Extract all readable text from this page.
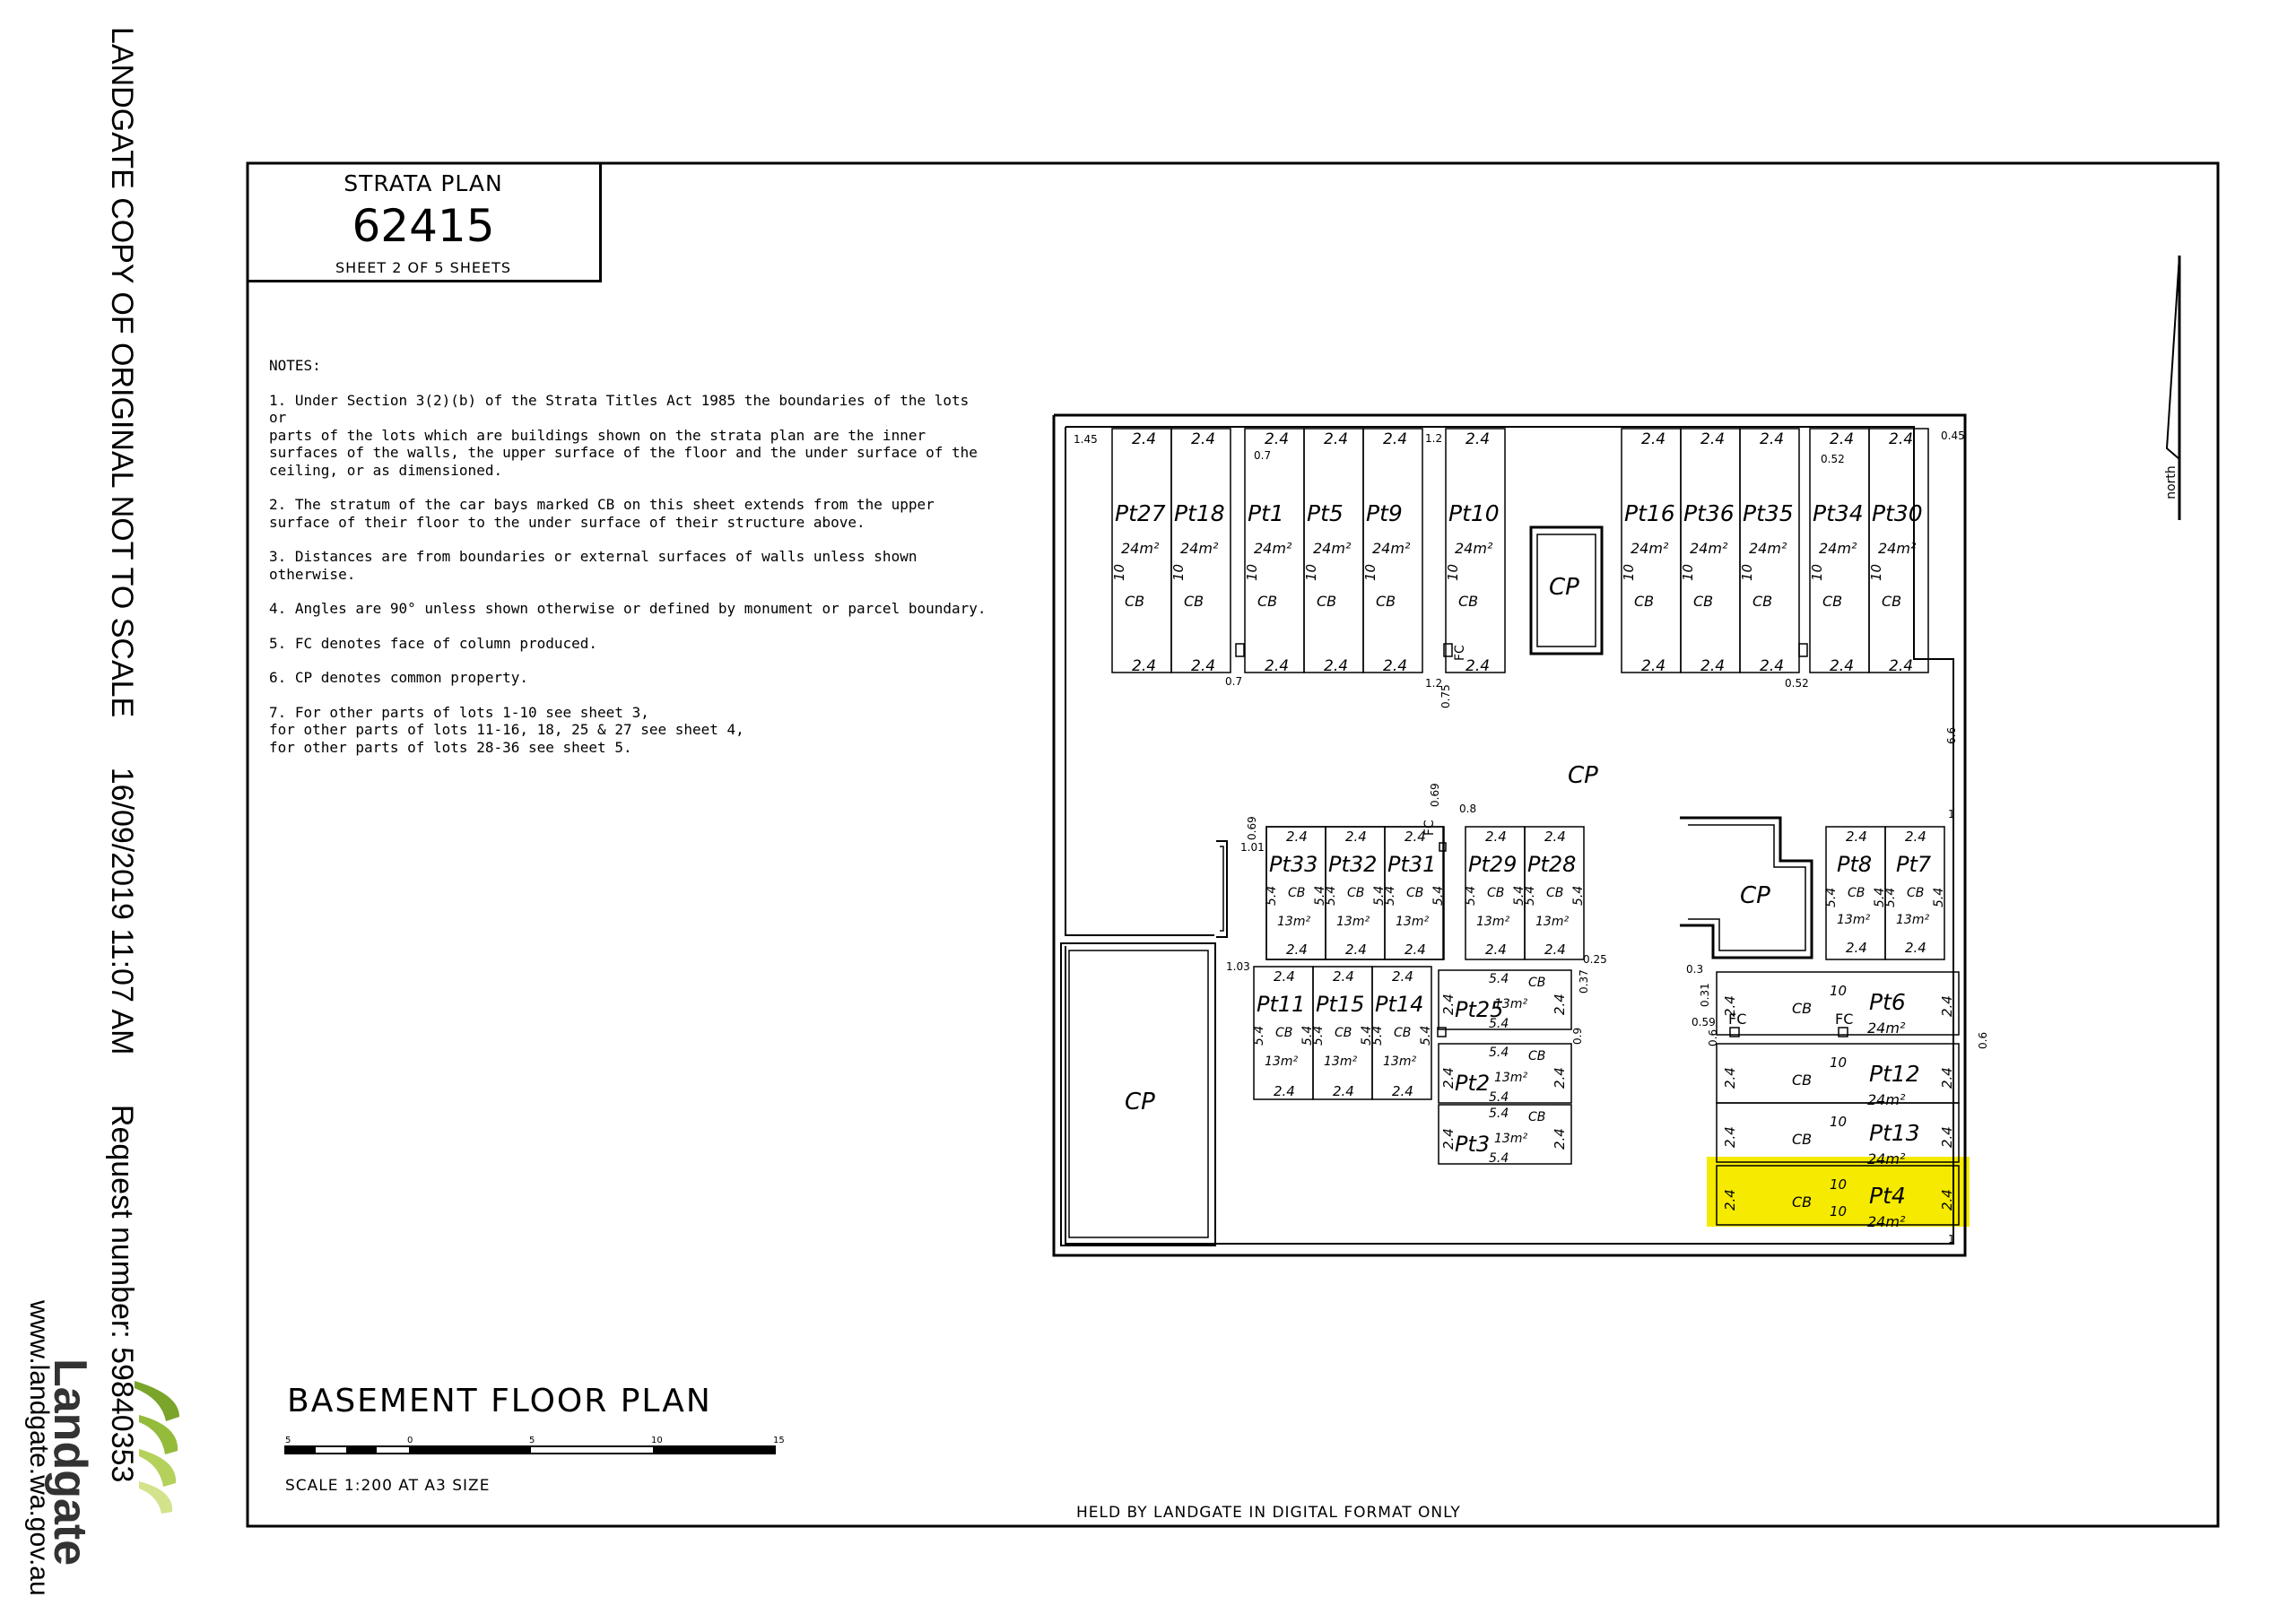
LANDGATE COPY OF ORIGINAL NOT TO SCALE 16/09/2019 11:07 AM Request number: 59840353
www.landgate.wa.gov.au
Landgate
north
STRATA PLAN
62415
SHEET 2 OF 5 SHEETS
NOTES:
1. Under Section 3(2)(b) of the Strata Titles Act 1985 the boundaries of the lots or
parts of the lots which are buildings shown on the strata plan are the inner
surfaces of the walls, the upper surface of the floor and the under surface of the
ceiling, or as dimensioned.
2. The stratum of the car bays marked CB on this sheet extends from the upper
surface of their floor to the under surface of their structure above.
3. Distances are from boundaries or external surfaces of walls unless shown otherwise.
4. Angles are 90° unless shown otherwise or defined by monument or parcel boundary.
5. FC denotes face of column produced.
6. CP denotes common property.
7. For other parts of lots 1-10 see sheet 3,
for other parts of lots 11-16, 18, 25 & 27 see sheet 4,
for other parts of lots 28-36 see sheet 5.
2.4
2.4
Pt27
24m²
CB
10
2.4
2.4
Pt18
24m²
CB
10
2.4
2.4
Pt1
24m²
CB
10
2.4
2.4
Pt5
24m²
CB
10
2.4
2.4
Pt9
24m²
CB
10
2.4
2.4
Pt10
24m²
CB
10
2.4
2.4
Pt16
24m²
CB
10
2.4
2.4
Pt36
24m²
CB
10
2.4
2.4
Pt35
24m²
CB
10
2.4
2.4
Pt34
24m²
CB
10
2.4
2.4
Pt30
24m²
CB
10
FC
2.4
2.4
Pt33
CB
13m²
5.4	5.4
2.4
2.4
Pt32
CB
13m²
5.4	5.4
2.4
2.4
Pt31
CB
13m²
5.4	5.4
2.4
2.4
Pt29
CB
13m²
5.4	5.4
2.4
2.4
Pt28
CB
13m²
5.4	5.4
FC
2.4
2.4
Pt11
CB
13m²
5.4	5.4
2.4
2.4
Pt15
CB
13m²
5.4	5.4
2.4
2.4
Pt14
CB
13m²
5.4	5.4
2.4
2.4
Pt8
CB
13m²
5.4	5.4
2.4
2.4
Pt7
CB
13m²
5.4	5.4
Pt25
13m²
CB
5.4
5.4
2.4	2.4
Pt2 13m²
CB
5.4
5.4
2.4	2.4
Pt3 13m²
CB
5.4
5.4
2.4	2.4
Pt6
24m²
CB
10
2.4	2.4
Pt12
24m²
CB
10
2.4	2.4
Pt13
24m²
CB
10
2.4	2.4
Pt4
24m²
CB
10
2.4	2.4
10
FC	FC
CP
CP
CP
CP
1.45
0.7
0.7
1.2
1.2
0.52
0.52
0.45
6.6
0.75
1
1
0.69
0.69
0.8
1.01
1.03
0.25
0.37
0.9
0.3
0.31
0.59
0.6	0.6
BASEMENT FLOOR PLAN
5	0	5	10	15
SCALE 1:200 AT A3 SIZE
HELD BY LANDGATE IN DIGITAL FORMAT ONLY
